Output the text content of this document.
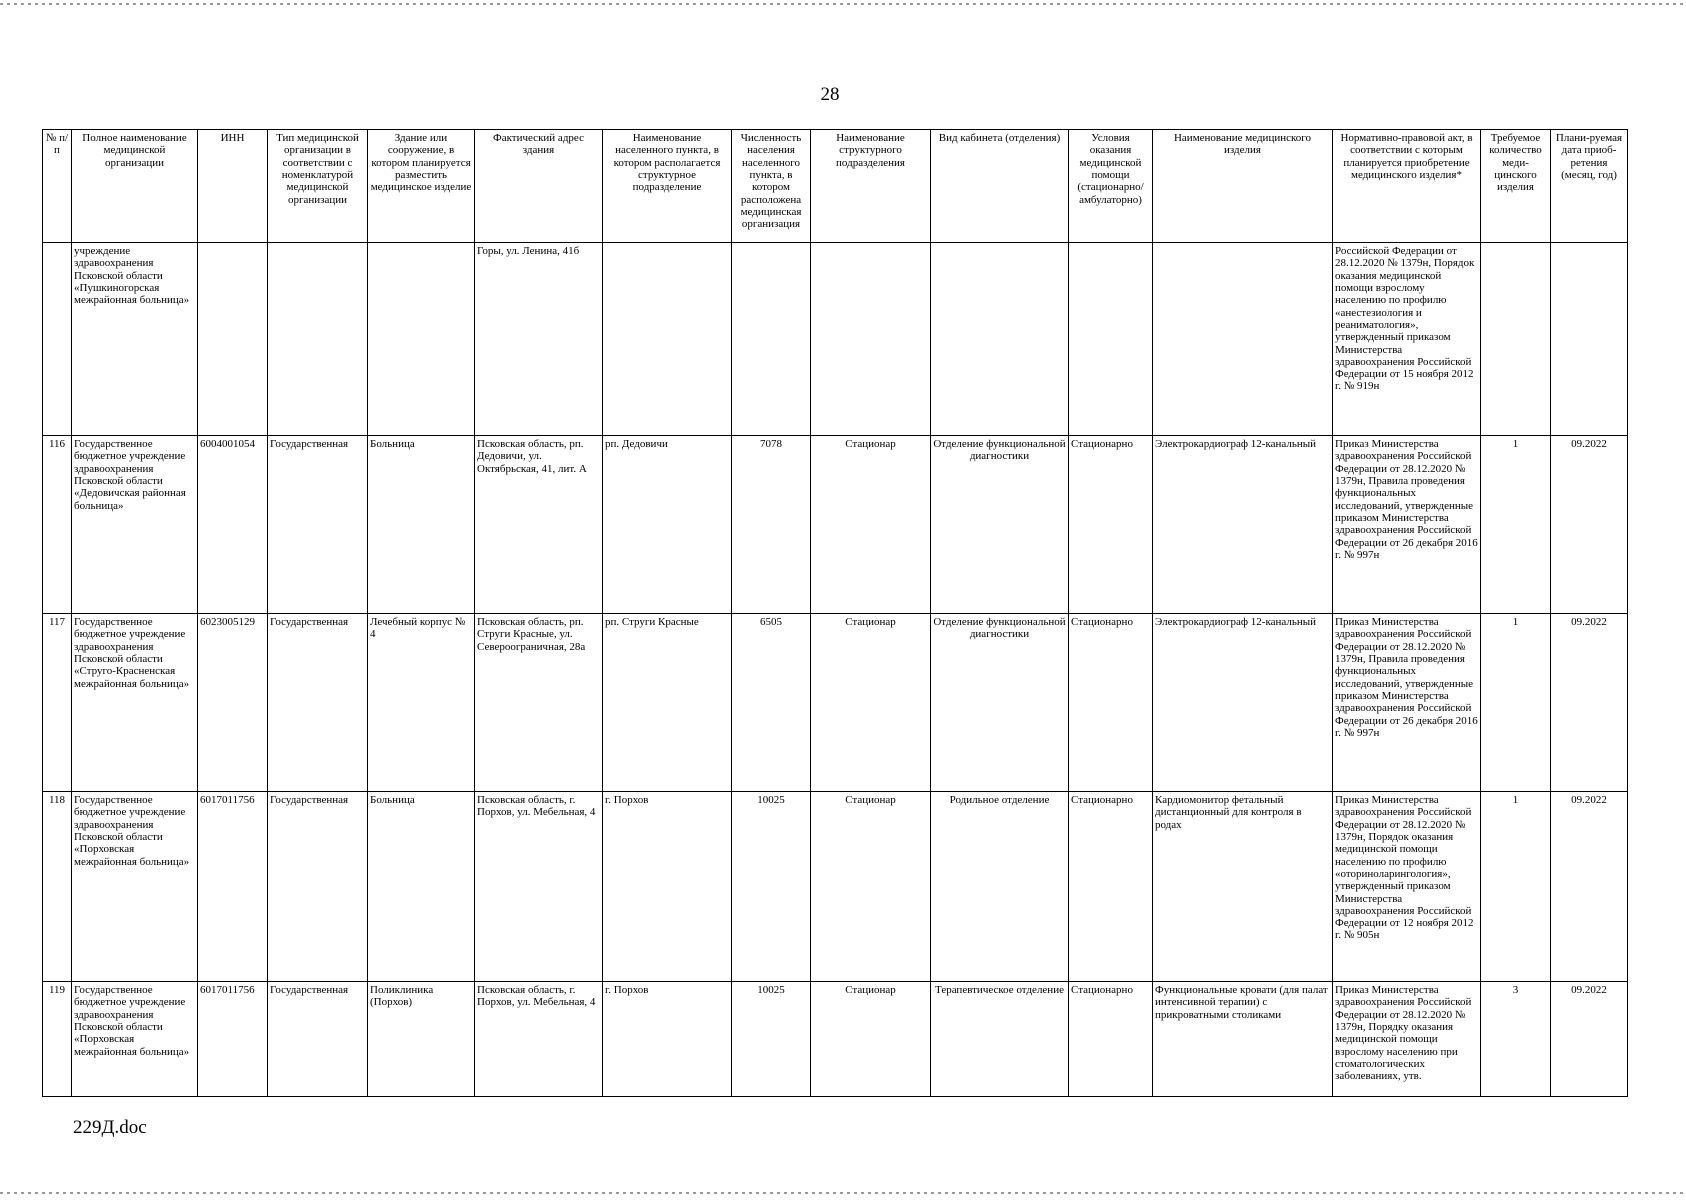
28
№ п/п	Полное наименование медицинской организации	ИНН	Тип медицинской организации в соответствии с номенклатурой медицинской организации	Здание или сооружение, в котором планируется разместить медицинское изделие	Фактический адрес здания	Наименование населенного пункта, в котором располагается структурное подразделение	Численность населения населенного пункта, в котором расположена медицинская организация	Наименование структурного подразделения	Вид кабинета (отделения)	Условия оказания медицинской помощи (стационарно/ амбулаторно)	Наименование медицинского изделия	Нормативно-правовой акт, в соответствии с которым планируется приобретение медицинского изделия*	Требуемое количество меди-цинского изделия	Плани-руемая дата приоб-ретения (месяц, год)
	учреждение здравоохранения Псковской области «Пушкиногорская межрайонная больница»				Горы, ул. Ленина, 41б							Российской Федерации от 28.12.2020 № 1379н, Порядок оказания медицинской помощи взрослому населению по профилю «анестезиология и реаниматология», утвержденный приказом Министерства здравоохранения Российской Федерации от 15 ноября 2012 г. № 919н		
116	Государственное бюджетное учреждение здравоохранения Псковской области «Дедовичская районная больница»	6004001054	Государственная	Больница	Псковская область, рп. Дедовичи, ул. Октябрьская, 41, лит. А	рп. Дедовичи	7078	Стационар	Отделение функциональной диагностики	Стационарно	Электрокардиограф 12-канальный	Приказ Министерства здравоохранения Российской Федерации от 28.12.2020 № 1379н, Правила проведения функциональных исследований, утвержденные приказом Министерства здравоохранения Российской Федерации от 26 декабря 2016 г. № 997н	1	09.2022
117	Государственное бюджетное учреждение здравоохранения Псковской области «Струго-Красненская межрайонная больница»	6023005129	Государственная	Лечебный корпус № 4	Псковская область, рп. Струги Красные, ул. Североограничная, 28а	рп. Струги Красные	6505	Стационар	Отделение функциональной диагностики	Стационарно	Электрокардиограф 12-канальный	Приказ Министерства здравоохранения Российской Федерации от 28.12.2020 № 1379н, Правила проведения функциональных исследований, утвержденные приказом Министерства здравоохранения Российской Федерации от 26 декабря 2016 г. № 997н	1	09.2022
118	Государственное бюджетное учреждение здравоохранения Псковской области «Порховская межрайонная больница»	6017011756	Государственная	Больница	Псковская область, г. Порхов, ул. Мебельная, 4	г. Порхов	10025	Стационар	Родильное отделение	Стационарно	Кардиомонитор фетальный дистанционный для контроля в родах	Приказ Министерства здравоохранения Российской Федерации от 28.12.2020 № 1379н, Порядок оказания медицинской помощи населению по профилю «оториноларингология», утвержденный приказом Министерства здравоохранения Российской Федерации от 12 ноября 2012 г. № 905н	1	09.2022
119	Государственное бюджетное учреждение здравоохранения Псковской области «Порховская межрайонная больница»	6017011756	Государственная	Поликлиника (Порхов)	Псковская область, г. Порхов, ул. Мебельная, 4	г. Порхов	10025	Стационар	Терапевтическое отделение	Стационарно	Функциональные кровати (для палат интенсивной терапии) с прикроватными столиками	Приказ Министерства здравоохранения Российской Федерации от 28.12.2020 № 1379н, Порядку оказания медицинской помощи взрослому населению при стоматологических заболеваниях, утв.	3	09.2022
229Д.doc
